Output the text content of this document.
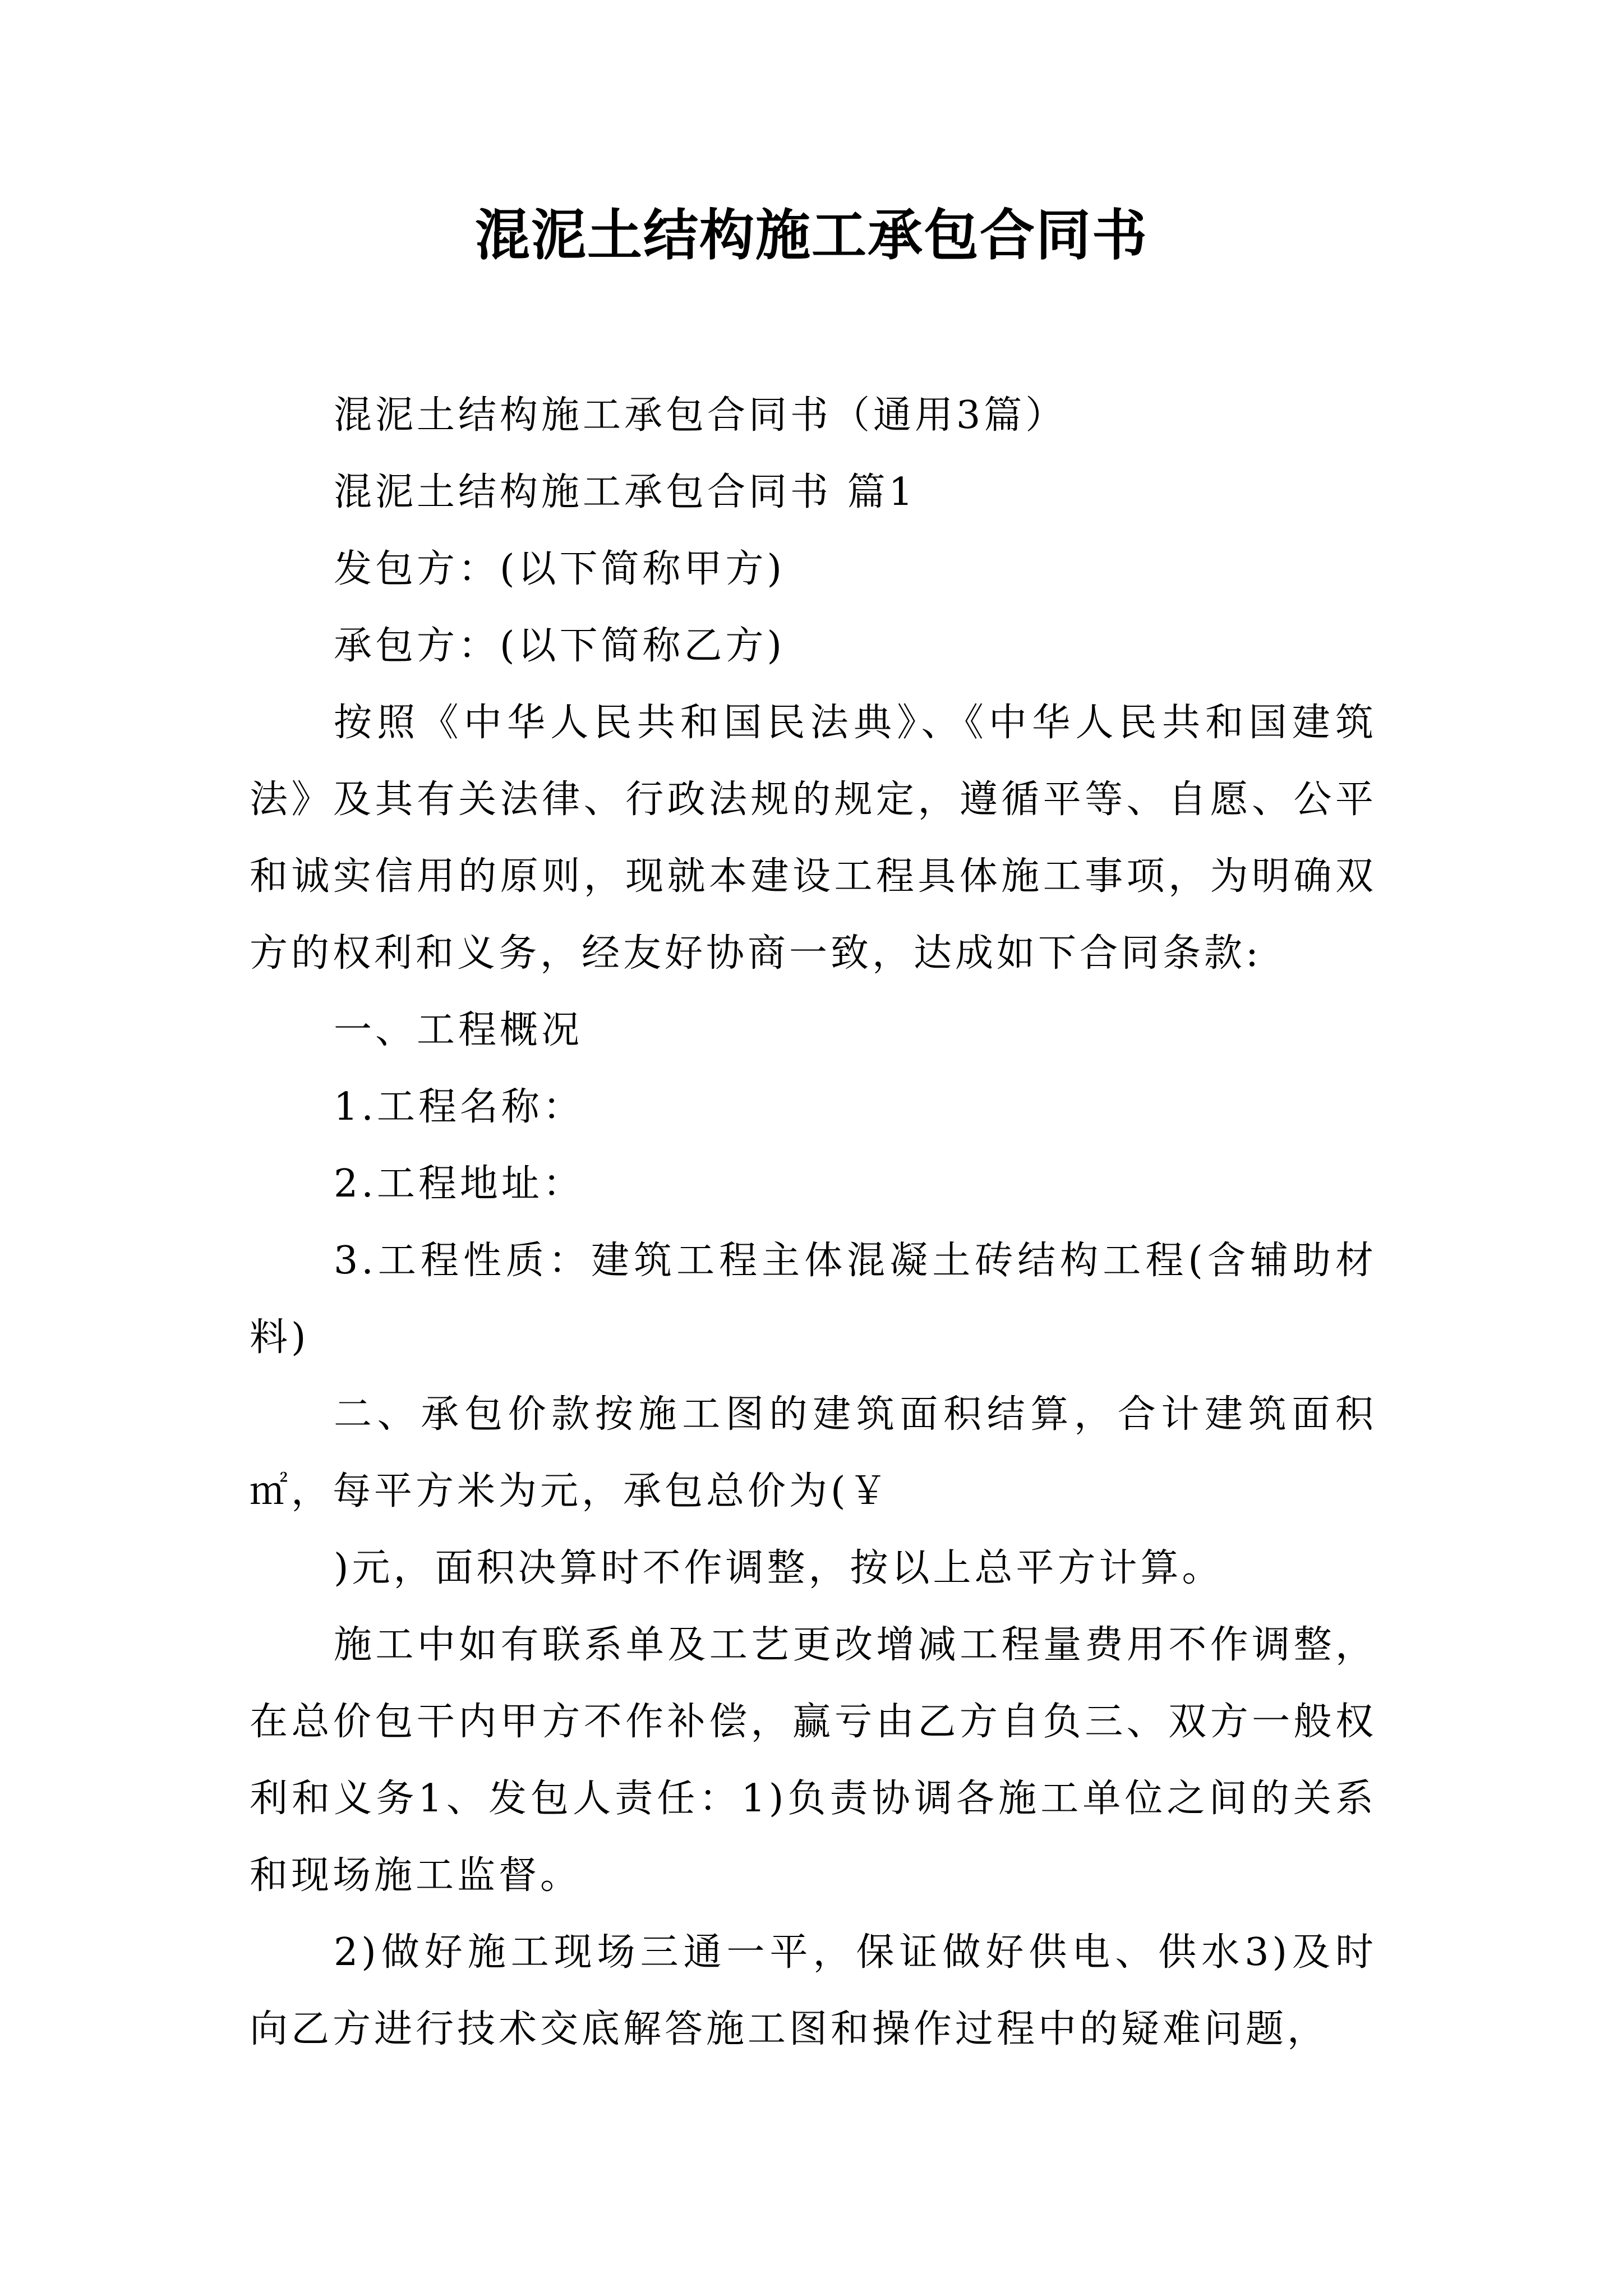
混泥土结构施工承包合同书

混泥土结构施工承包合同书（通用3篇）

混泥土结构施工承包合同书 篇1

发包方：(以下简称甲方)

承包方：(以下简称乙方)

按照《中华人民共和国民法典》、《中华人民共和国建筑法》及其有关法律、行政法规的规定，遵循平等、自愿、公平和诚实信用的原则，现就本建设工程具体施工事项，为明确双方的权利和义务，经友好协商一致，达成如下合同条款:

一、工程概况

1.工程名称：

2.工程地址：

3.工程性质：建筑工程主体混凝土砖结构工程(含辅助材料)

二、承包价款按施工图的建筑面积结算，合计建筑面积㎡，每平方米为元，承包总价为(￥

)元，面积决算时不作调整，按以上总平方计算。

施工中如有联系单及工艺更改增减工程量费用不作调整，在总价包干内甲方不作补偿，赢亏由乙方自负三、双方一般权利和义务1、发包人责任：1)负责协调各施工单位之间的关系和现场施工监督。

2)做好施工现场三通一平，保证做好供电、供水3)及时向乙方进行技术交底解答施工图和操作过程中的疑难问题，
